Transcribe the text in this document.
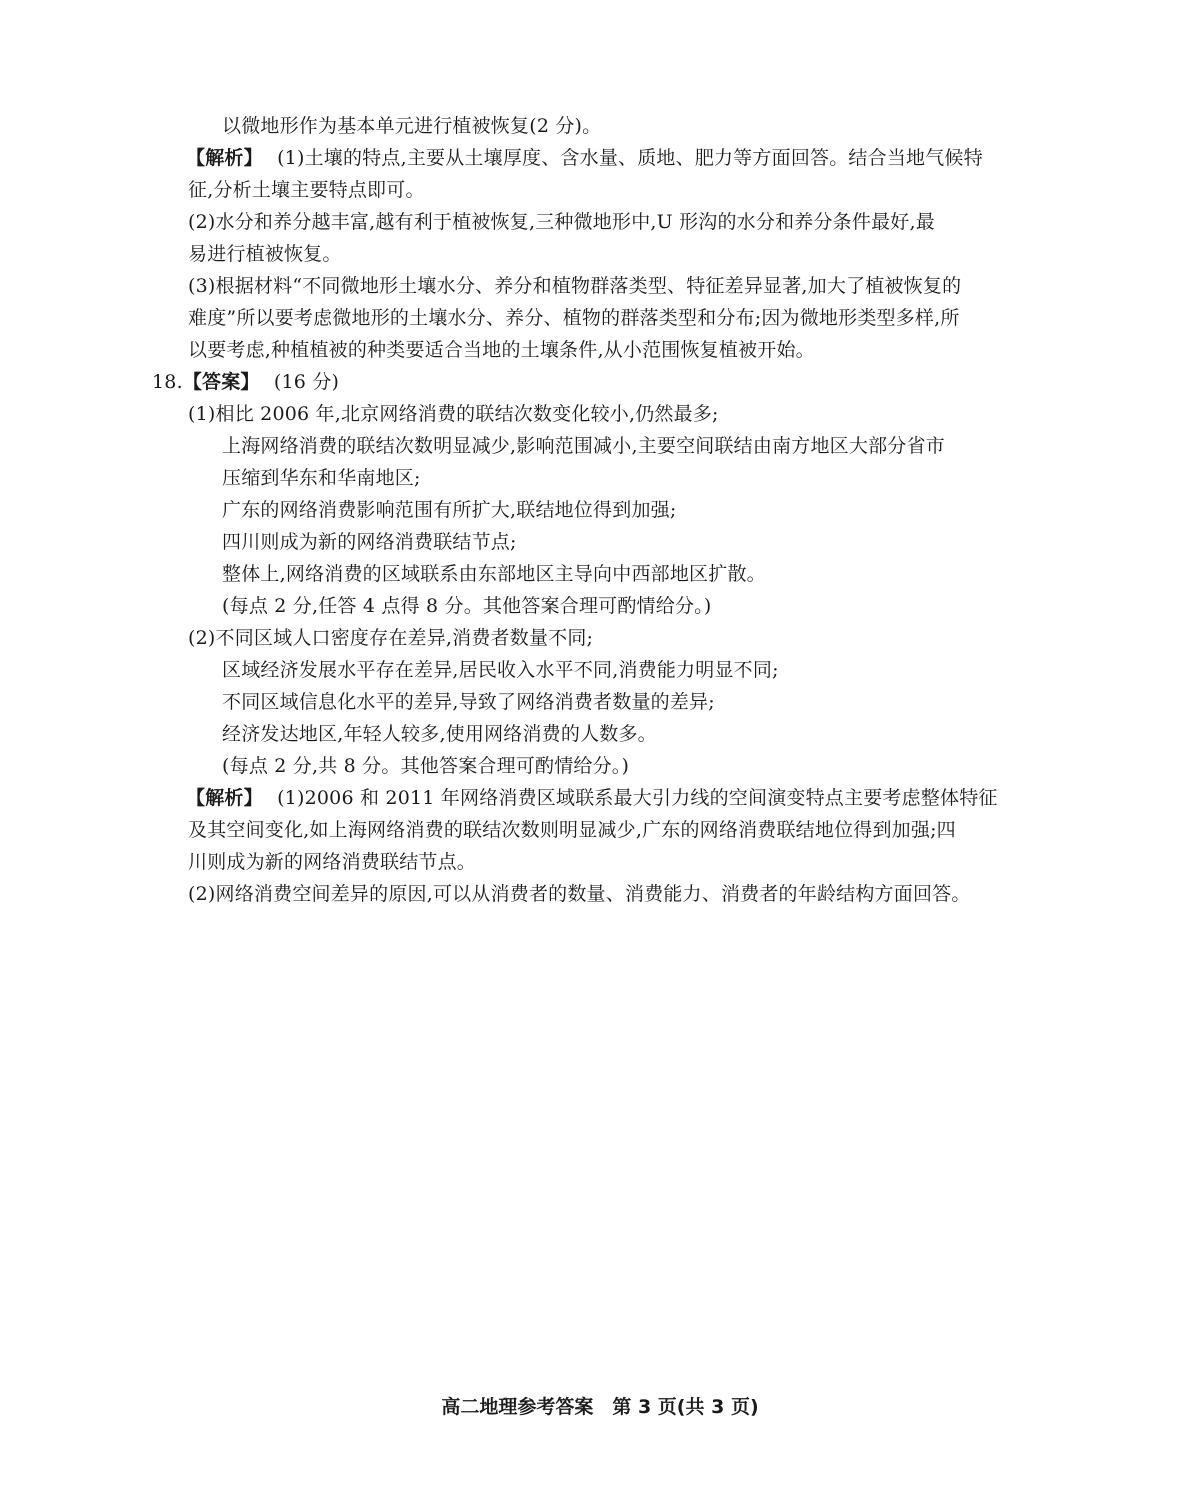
以微地形作为基本单元进行植被恢复(2 分)。
【解析】 (1)土壤的特点,主要从土壤厚度、含水量、质地、肥力等方面回答。结合当地气候特
征,分析土壤主要特点即可。
(2)水分和养分越丰富,越有利于植被恢复,三种微地形中,U 形沟的水分和养分条件最好,最
易进行植被恢复。
(3)根据材料“不同微地形土壤水分、养分和植物群落类型、特征差异显著,加大了植被恢复的
难度”所以要考虑微地形的土壤水分、养分、植物的群落类型和分布;因为微地形类型多样,所
以要考虑,种植植被的种类要适合当地的土壤条件,从小范围恢复植被开始。
18.【答案】 (16 分)
(1)相比 2006 年,北京网络消费的联结次数变化较小,仍然最多;
上海网络消费的联结次数明显减少,影响范围减小,主要空间联结由南方地区大部分省市
压缩到华东和华南地区;
广东的网络消费影响范围有所扩大,联结地位得到加强;
四川则成为新的网络消费联结节点;
整体上,网络消费的区域联系由东部地区主导向中西部地区扩散。
(每点 2 分,任答 4 点得 8 分。其他答案合理可酌情给分。)
(2)不同区域人口密度存在差异,消费者数量不同;
区域经济发展水平存在差异,居民收入水平不同,消费能力明显不同;
不同区域信息化水平的差异,导致了网络消费者数量的差异;
经济发达地区,年轻人较多,使用网络消费的人数多。
(每点 2 分,共 8 分。其他答案合理可酌情给分。)
【解析】 (1)2006 和 2011 年网络消费区域联系最大引力线的空间演变特点主要考虑整体特征
及其空间变化,如上海网络消费的联结次数则明显减少,广东的网络消费联结地位得到加强;四
川则成为新的网络消费联结节点。
(2)网络消费空间差异的原因,可以从消费者的数量、消费能力、消费者的年龄结构方面回答。
高二地理参考答案　第 3 页(共 3 页)
